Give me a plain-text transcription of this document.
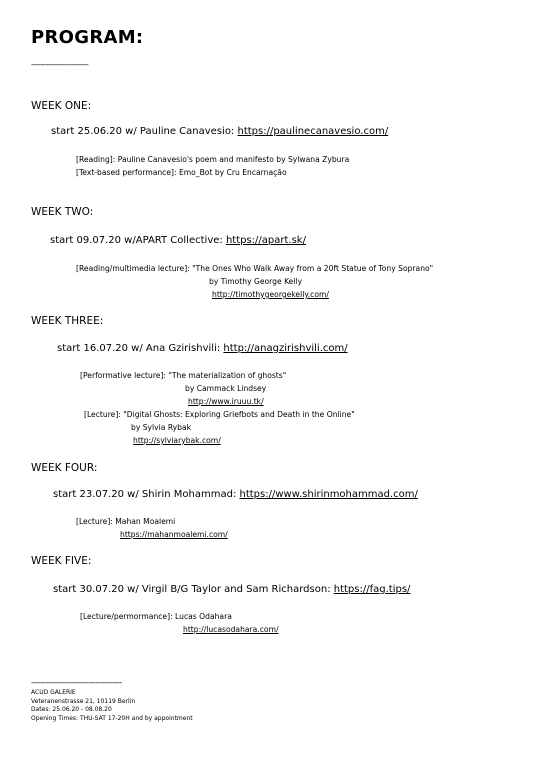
PROGRAM:
------------------------
WEEK ONE:
start 25.06.20 w/ Pauline Canavesio: https://paulinecanavesio.com/
[Reading]: Pauline Canavesio's poem and manifesto by Sylwana Zybura
[Text-based performance]: Emo_Bot by Cru Encarnação
WEEK TWO:
start 09.07.20 w/APART Collective: https://apart.sk/
[Reading/multimedia lecture]: "The Ones Who Walk Away from a 20ft Statue of Tony Soprano"
by Timothy George Kelly
http://timothygeorgekelly.com/
WEEK THREE:
start 16.07.20 w/ Ana Gzirishvili: http://anagzirishvili.com/
[Performative lecture]: "The materialization of ghosts"
by Cammack Lindsey
http://www.iruuu.tk/
[Lecture]: "Digital Ghosts: Exploring Griefbots and Death in the Online"
by Sylvia Rybak
http://sylviarybak.com/
WEEK FOUR:
start 23.07.20 w/ Shirin Mohammad: https://www.shirinmohammad.com/
[Lecture]: Mahan Moalemi
https://mahanmoalemi.com/
WEEK FIVE:
start 30.07.20 w/ Virgil B/G Taylor and Sam Richardson: https://fag.tips/
[Lecture/permormance]: Lucas Odahara
http://lucasodahara.com/
--------------------------------------
ACUD GALERIE
Veteranenstrasse 21, 10119 Berlin
Dates: 25.06.20 - 08.08.20
Opening Times: THU-SAT 17-20H and by appointment
